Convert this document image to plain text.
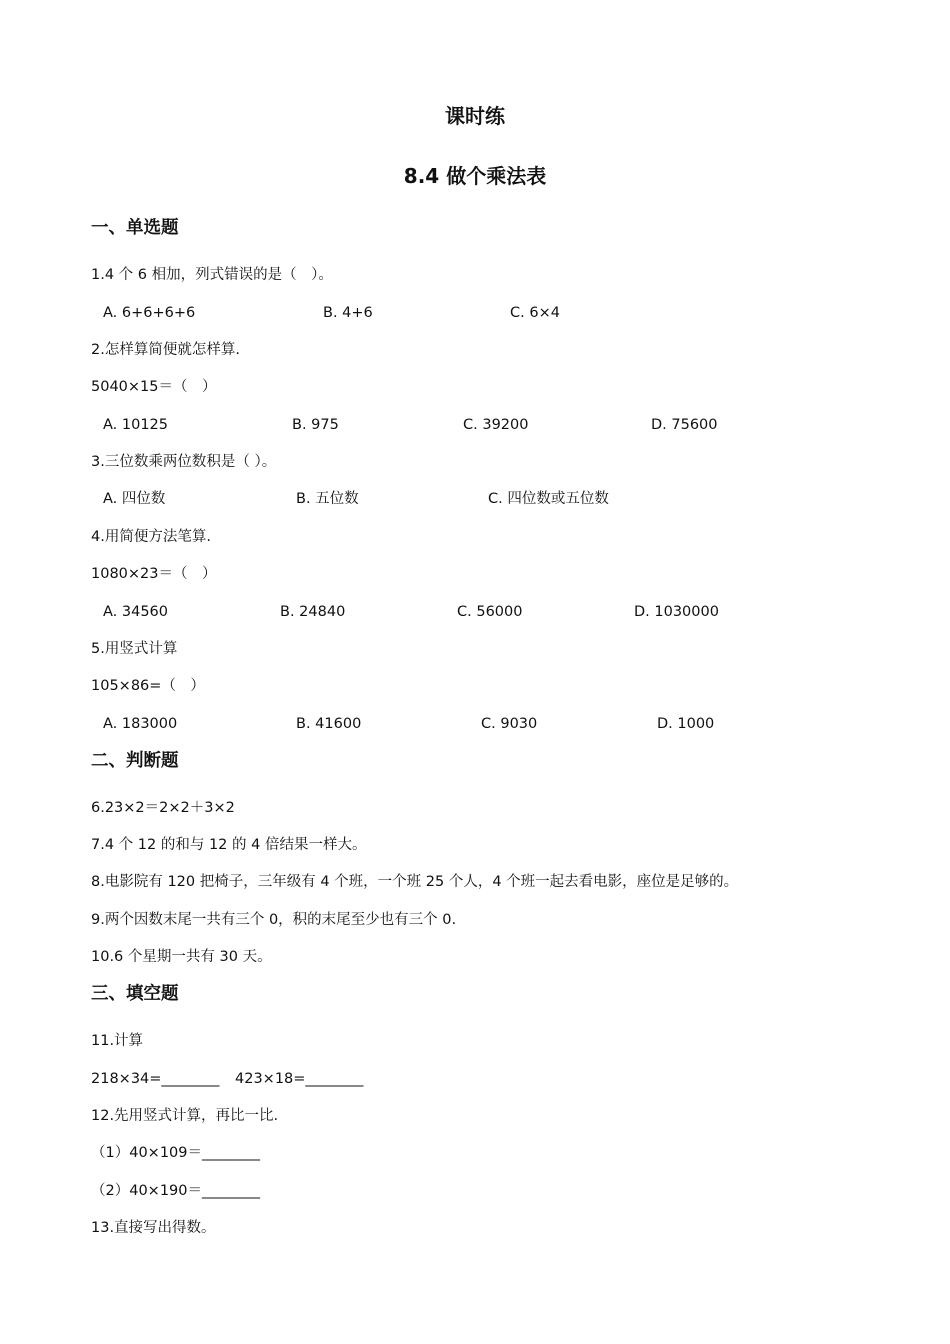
课时练
8.4 做个乘法表
一、单选题
1.4 个 6 相加，列式错误的是（　）。
A. 6+6+6+6	B. 4+6	C. 6×4
2.怎样算简便就怎样算.
5040×15＝（　）
A. 10125	B. 975	C. 39200	D. 75600
3.三位数乘两位数积是（ ）。
A. 四位数	B. 五位数	C. 四位数或五位数
4.用简便方法笔算.
1080×23＝（　）
A. 34560	B. 24840	C. 56000	D. 1030000
5.用竖式计算
105×86=（　）
A. 183000	B. 41600	C. 9030	D. 1000
二、判断题
6.23×2＝2×2＋3×2
7.4 个 12 的和与 12 的 4 倍结果一样大。
8.电影院有 120 把椅子，三年级有 4 个班，一个班 25 个人，4 个班一起去看电影，座位是足够的。
9.两个因数末尾一共有三个 0，积的末尾至少也有三个 0.
10.6 个星期一共有 30 天。
三、填空题
11.计算
218×34=________ 423×18=________
12.先用竖式计算，再比一比.
（1）40×109＝________
（2）40×190＝________
13.直接写出得数。
